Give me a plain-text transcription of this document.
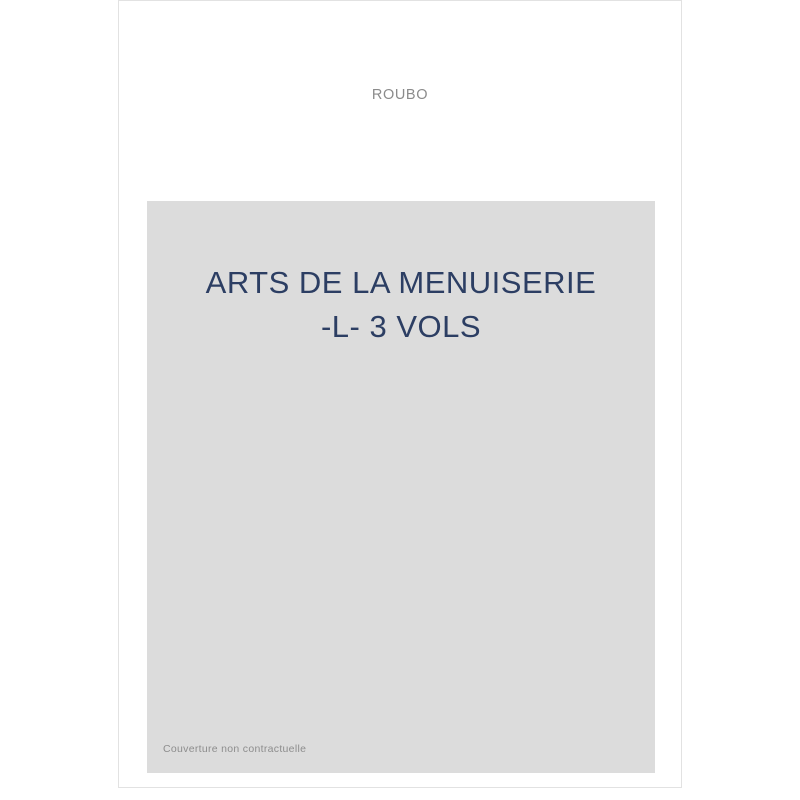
ROUBO
ARTS DE LA MENUISERIE
-L- 3 VOLS
Couverture non contractuelle
